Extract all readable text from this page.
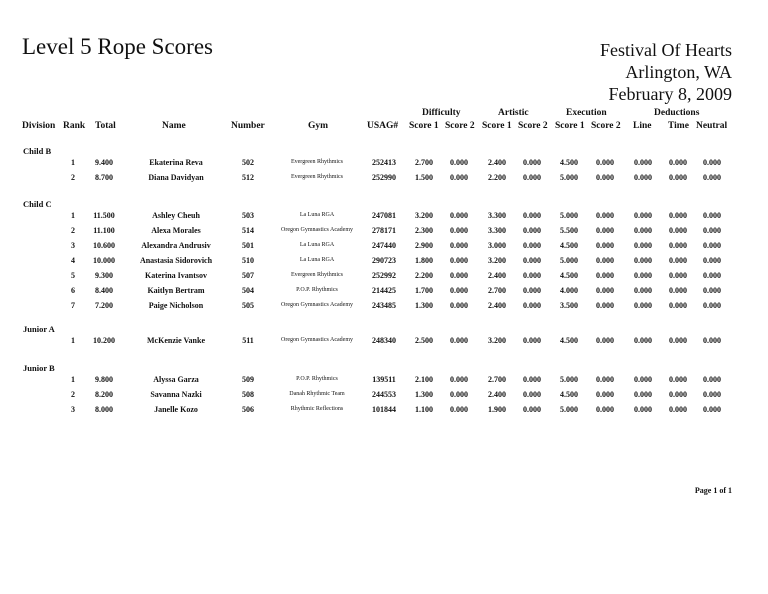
Level 5 Rope Scores	Festival Of Hearts
Arlington, WA
February 8, 2009
Difficulty	Artistic	Execution	Deductions
Division Rank Total	Name	Number	Gym	USAG# Score 1 Score 2 Score 1 Score 2 Score 1 Score 2 Line Time Neutral
Child B
1	9.400	Ekaterina Reva	502	Evergreen Rhythmics	252413 2.700 0.000	2.400 0.000 4.500 0.000	0.000 0.000 0.000
2	8.700	Diana Davidyan	512	Evergreen Rhythmics	252990 1.500 0.000	2.200 0.000 5.000 0.000	0.000 0.000 0.000
Child C
1 11.500	Ashley Cheuh	503	La Luna RGA	247081 3.200 0.000	3.300 0.000 5.000 0.000	0.000 0.000 0.000
2 11.100	Alexa Morales	514	Oregon Gymnastics Academy 278171 2.300 0.000	3.300 0.000 5.500 0.000	0.000 0.000 0.000
3 10.600	Alexandra Andrusiv	501	La Luna RGA	247440 2.900 0.000	3.000 0.000 4.500 0.000	0.000 0.000 0.000
4 10.000	Anastasia Sidorovich	510	La Luna RGA	290723 1.800 0.000	3.200 0.000 5.000 0.000	0.000 0.000 0.000
5	9.300	Katerina Ivantsov	507	Evergreen Rhythmics	252992 2.200 0.000	2.400 0.000 4.500 0.000	0.000 0.000 0.000
6	8.400	Kaitlyn Bertram	504	P.O.P. Rhythmics	214425 1.700 0.000	2.700 0.000 4.000 0.000	0.000 0.000 0.000
7	7.200	Paige Nicholson	505	Oregon Gymnastics Academy 243485 1.300 0.000	2.400 0.000 3.500 0.000	0.000 0.000 0.000
Junior A
1 10.200	McKenzie Vanke	511	Oregon Gymnastics Academy 248340 2.500 0.000	3.200 0.000 4.500 0.000	0.000 0.000 0.000
Junior B
1	9.800	Alyssa Garza	509	P.O.P. Rhythmics	139511 2.100 0.000	2.700 0.000 5.000 0.000	0.000 0.000 0.000
2	8.200	Savanna Nazki	508	Danah Rhythmic Team	244553 1.300 0.000	2.400 0.000 4.500 0.000	0.000 0.000 0.000
3	8.000	Janelle Kozo	506	Rhythmic Reflections	101844 1.100 0.000	1.900 0.000 5.000 0.000	0.000 0.000 0.000
Page 1 of 1
